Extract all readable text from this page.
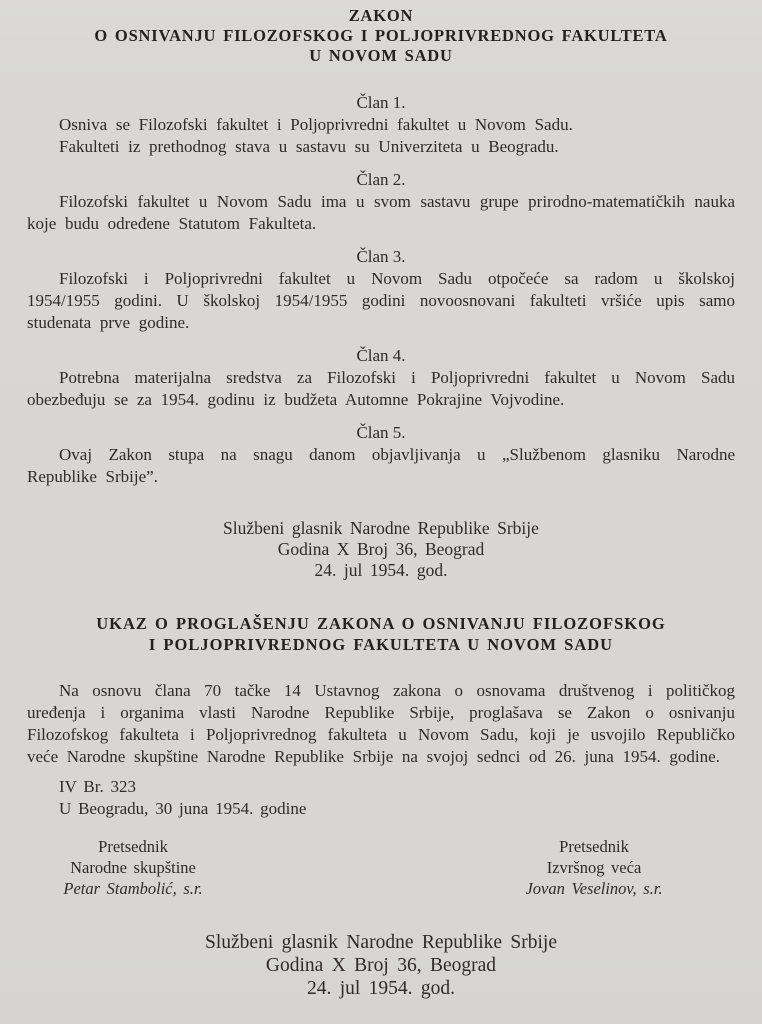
ZAKON
O OSNIVANJU FILOZOFSKOG I POLJOPRIVREDNOG FAKULTETA
U NOVOM SADU
Član 1.

Osniva se Filozofski fakultet i Poljoprivredni fakultet u Novom Sadu.

Fakulteti iz prethodnog stava u sastavu su Univerziteta u Beogradu.

Član 2.

Filozofski fakultet u Novom Sadu ima u svom sastavu grupe prirodno-matematičkih nauka koje budu određene Statutom Fakulteta.

Član 3.

Filozofski i Poljoprivredni fakultet u Novom Sadu otpočeće sa radom u školskoj 1954/1955 godini. U školskoj 1954/1955 godini novoosnovani fakulteti vršiće upis samo studenata prve godine.

Član 4.

Potrebna materijalna sredstva za Filozofski i Poljoprivredni fakultet u Novom Sadu obezbeđuju se za 1954. godinu iz budžeta Automne Pokrajine Vojvodine.

Član 5.

Ovaj Zakon stupa na snagu danom objavljivanja u „Službenom glasniku Narodne Republike Srbije”.

Službeni glasnik Narodne Republike Srbije
Godina X Broj 36, Beograd
24. jul 1954. god.
UKAZ O PROGLAŠENJU ZAKONA O OSNIVANJU FILOZOFSKOG
I POLJOPRIVREDNOG FAKULTETA U NOVOM SADU

Na osnovu člana 70 tačke 14 Ustavnog zakona o osnovama društvenog i političkog uređenja i organima vlasti Narodne Republike Srbije, proglašava se Zakon o osnivanju Filozofskog fakulteta i Poljoprivrednog fakulteta u Novom Sadu, koji je usvojilo Republičko veće Narodne skupštine Narodne Republike Srbije na svojoj sednci od 26. juna 1954. godine.

IV Br. 323

U Beogradu, 30 juna 1954. godine

Pretsednik
Narodne skupštine
Petar Stambolić, s.r.
Pretsednik
Izvršnog veća
Jovan Veselinov, s.r.
Službeni glasnik Narodne Republike Srbije
Godina X Broj 36, Beograd
24. jul 1954. god.
